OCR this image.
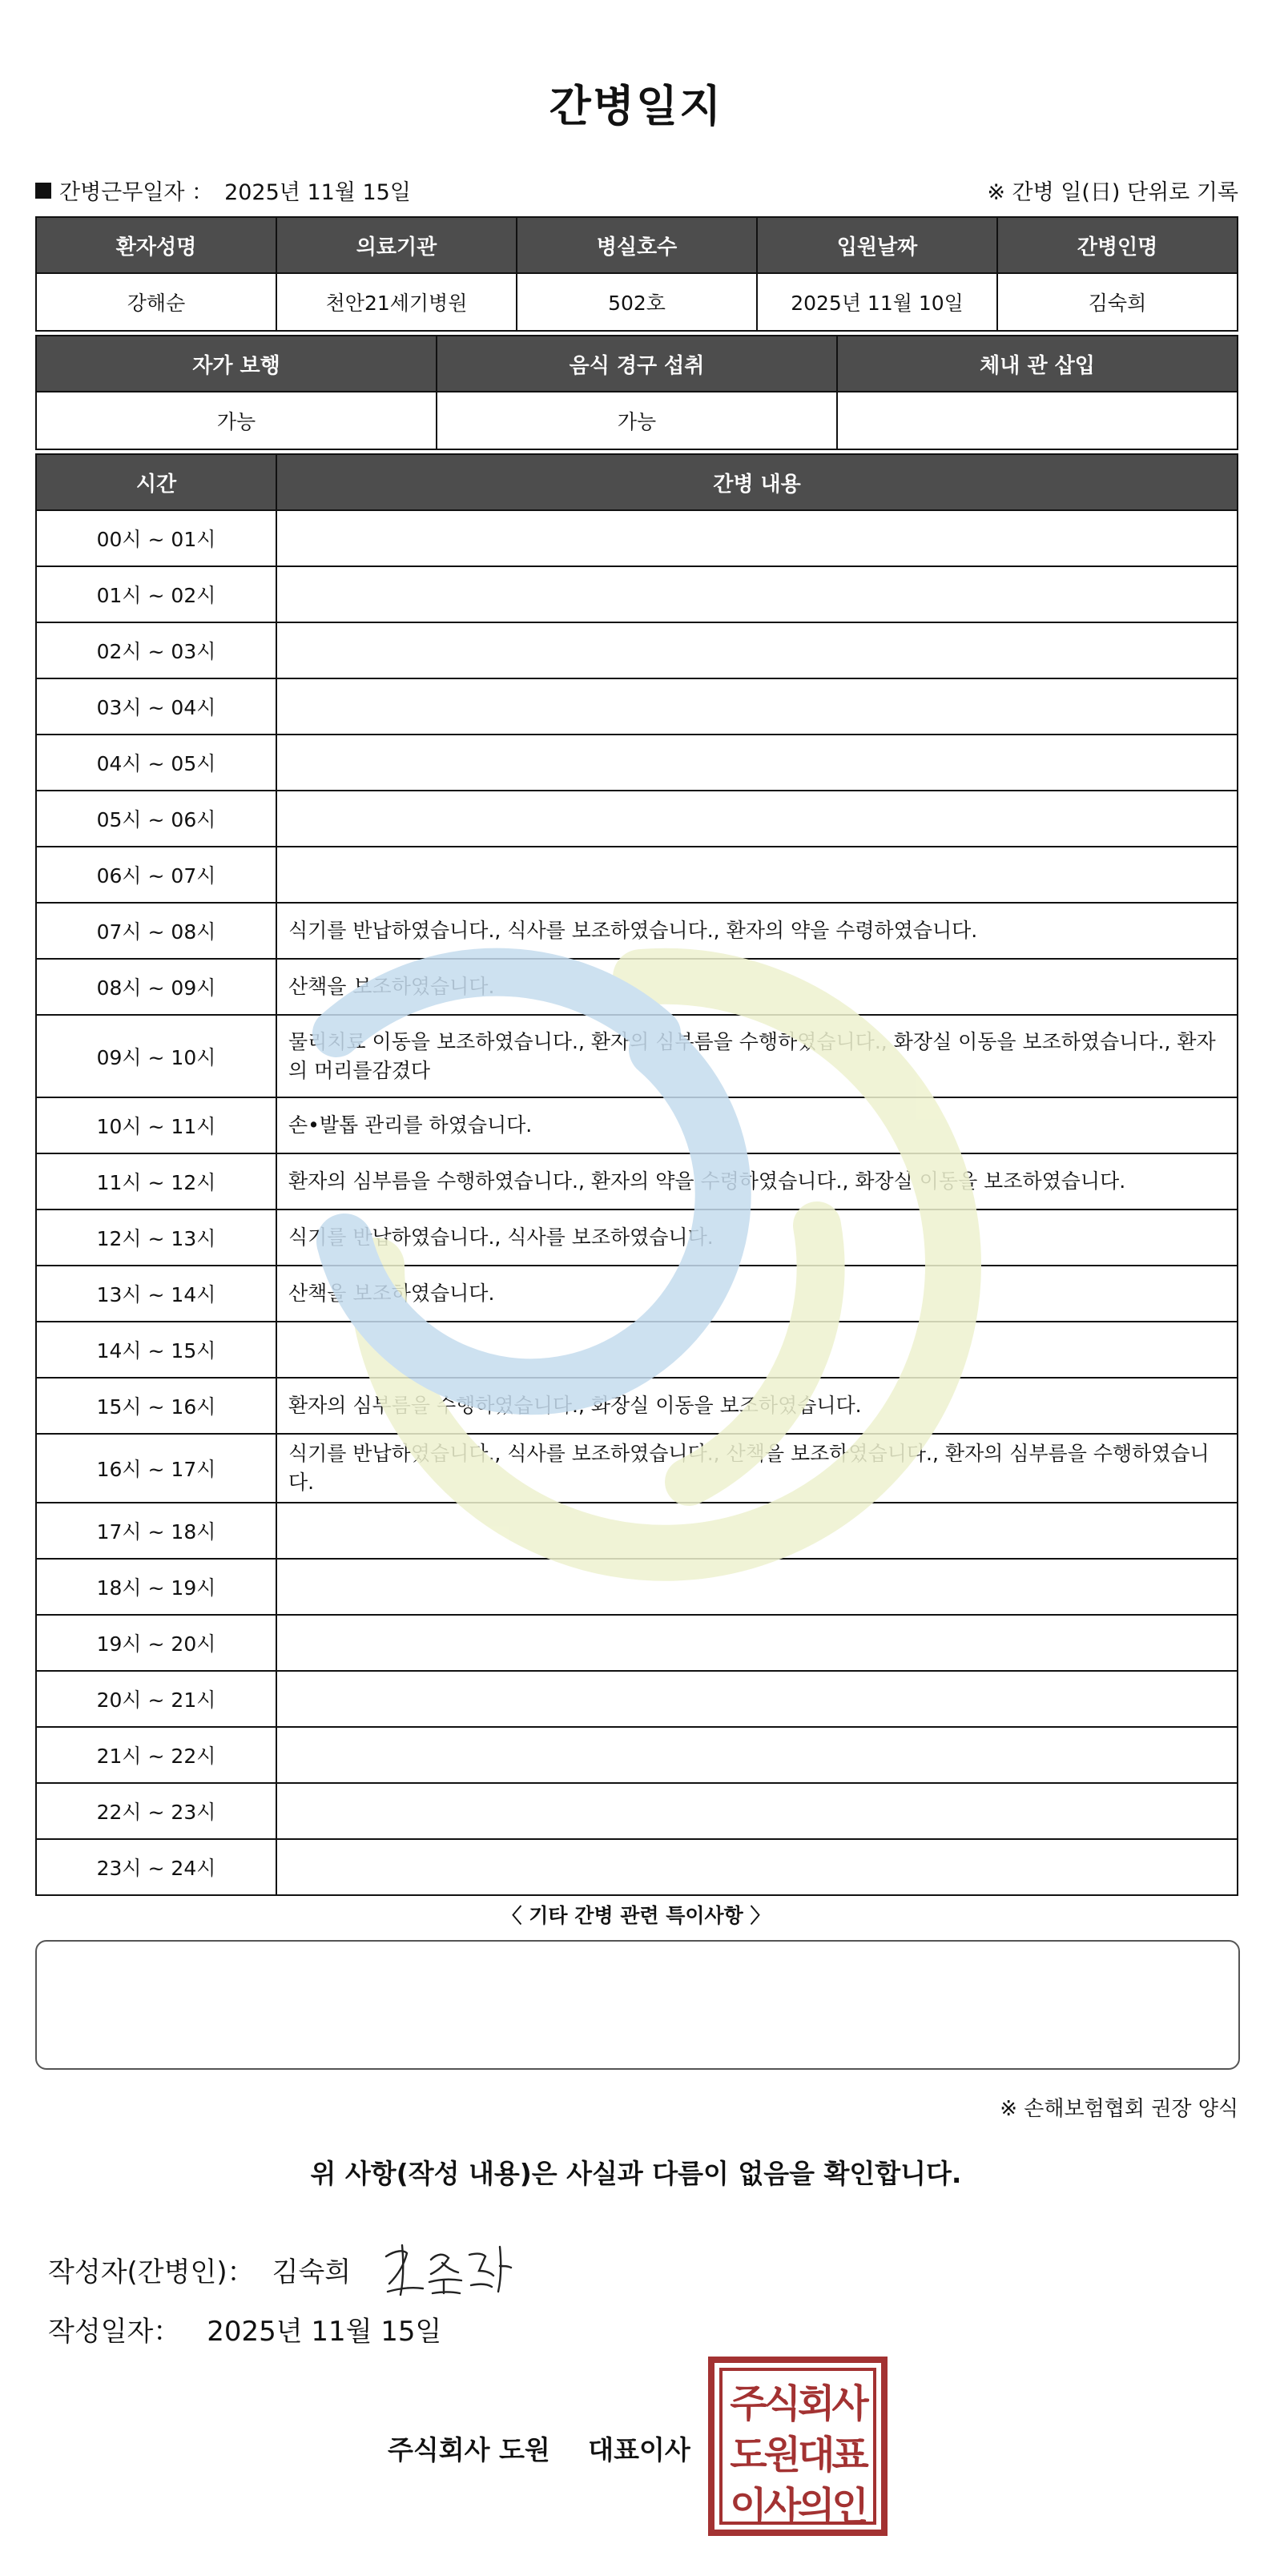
간병일지
간병근무일자 ： 2025년 11월 15일	※ 간병 일(日) 단위로 기록
환자성명	의료기관	병실호수	입원날짜	간병인명
강해순	천안21세기병원	502호	2025년 11월 10일	김숙희
자가 보행	음식 경구 섭취	체내 관 삽입
가능	가능	
시간	간병 내용
00시 ~ 01시	
01시 ~ 02시	
02시 ~ 03시	
03시 ~ 04시	
04시 ~ 05시	
05시 ~ 06시	
06시 ~ 07시	
07시 ~ 08시	식기를 반납하였습니다., 식사를 보조하였습니다., 환자의 약을 수령하였습니다.
08시 ~ 09시	산책을 보조하였습니다.
09시 ~ 10시	물리치료 이동을 보조하였습니다., 환자의 심부름을 수행하였습니다., 화장실 이동을 보조하였습니다., 환자의 머리를감겼다
10시 ~ 11시	손•발톱 관리를 하였습니다.
11시 ~ 12시	환자의 심부름을 수행하였습니다., 환자의 약을 수령하였습니다., 화장실 이동을 보조하였습니다.
12시 ~ 13시	식기를 반납하였습니다., 식사를 보조하였습니다.
13시 ~ 14시	산책을 보조하였습니다.
14시 ~ 15시	
15시 ~ 16시	환자의 심부름을 수행하였습니다., 화장실 이동을 보조하였습니다.
16시 ~ 17시	식기를 반납하였습니다., 식사를 보조하였습니다., 산책을 보조하였습니다., 환자의 심부름을 수행하였습니다.
17시 ~ 18시	
18시 ~ 19시	
19시 ~ 20시	
20시 ~ 21시	
21시 ~ 22시	
22시 ~ 23시	
23시 ~ 24시	
〈 기타 간병 관련 특이사항 〉
※ 손해보험협회 권장 양식
위 사항(작성 내용)은 사실과 다름이 없음을 확인합니다.
작성자(간병인)： 김숙희
작성일자： 2025년 11월 15일
주식회사 도원 대표이사
주식회사
도원대표
이사의인
